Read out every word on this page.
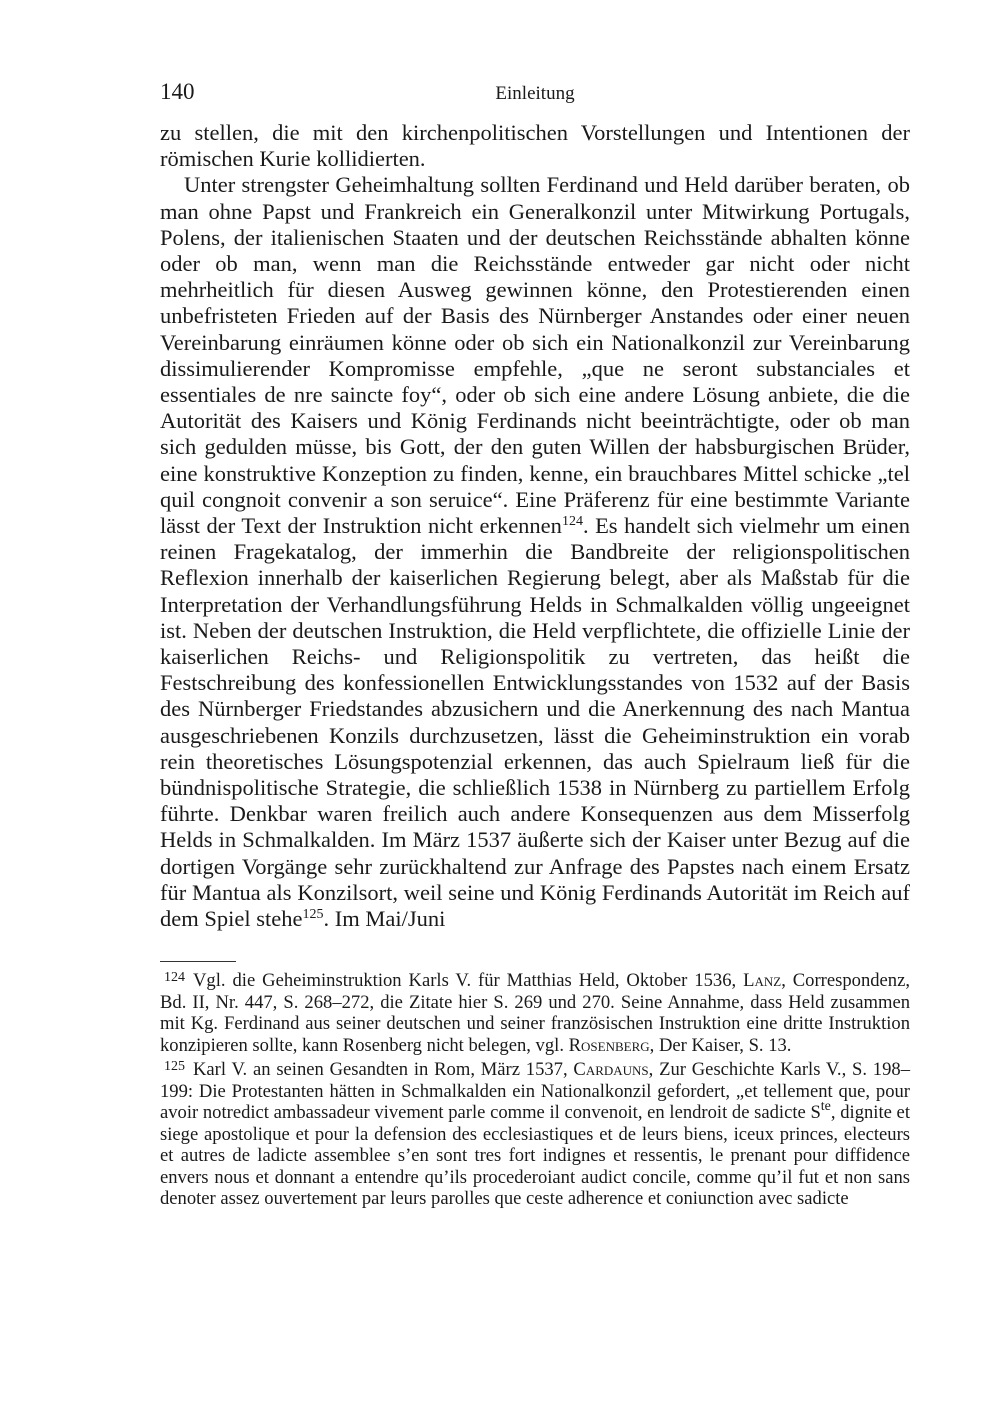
140	Einleitung

zu stellen, die mit den kirchenpolitischen Vorstellungen und Intentionen der römischen Kurie kollidierten.

Unter strengster Geheimhaltung sollten Ferdinand und Held darüber beraten, ob man ohne Papst und Frankreich ein Generalkonzil unter Mitwirkung Portugals, Polens, der italienischen Staaten und der deutschen Reichsstände abhalten könne oder ob man, wenn man die Reichsstände entweder gar nicht oder nicht mehrheitlich für diesen Ausweg gewinnen könne, den Protestierenden einen unbefristeten Frieden auf der Basis des Nürnberger Anstandes oder einer neuen Vereinbarung einräumen könne oder ob sich ein Nationalkonzil zur Vereinbarung dissimulierender Kompromisse empfehle, „que ne seront substanciales et essentiales de nre saincte foy“, oder ob sich eine andere Lösung anbiete, die die Autorität des Kaisers und König Ferdinands nicht beeinträchtigte, oder ob man sich gedulden müsse, bis Gott, der den guten Willen der habsburgischen Brüder, eine konstruktive Konzeption zu finden, kenne, ein brauchbares Mittel schicke „tel quil congnoit convenir a son seruice“. Eine Präferenz für eine bestimmte Variante lässt der Text der Instruktion nicht erkennen$^{124}$. Es handelt sich vielmehr um einen reinen Fragekatalog, der immerhin die Bandbreite der religionspolitischen Reflexion innerhalb der kaiserlichen Regierung belegt, aber als Maßstab für die Interpretation der Verhandlungsführung Helds in Schmalkalden völlig ungeeignet ist. Neben der deutschen Instruktion, die Held verpflichtete, die offizielle Linie der kaiserlichen Reichs- und Religionspolitik zu vertreten, das heißt die Festschreibung des konfessionellen Entwicklungsstandes von 1532 auf der Basis des Nürnberger Friedstandes abzusichern und die Anerkennung des nach Mantua ausgeschriebenen Konzils durchzusetzen, lässt die Geheiminstruktion ein vorab rein theoretisches Lösungspotenzial erkennen, das auch Spielraum ließ für die bündnispolitische Strategie, die schließlich 1538 in Nürnberg zu partiellem Erfolg führte. Denkbar waren freilich auch andere Konsequenzen aus dem Misserfolg Helds in Schmalkalden. Im März 1537 äußerte sich der Kaiser unter Bezug auf die dortigen Vorgänge sehr zurückhaltend zur Anfrage des Papstes nach einem Ersatz für Mantua als Konzilsort, weil seine und König Ferdinands Autorität im Reich auf dem Spiel stehe$^{125}$. Im Mai/Juni

$^{124}$ Vgl. die Geheiminstruktion Karls V. für Matthias Held, Oktober 1536, Lanz, Correspondenz, Bd. II, Nr. 447, S. 268–272, die Zitate hier S. 269 und 270. Seine Annahme, dass Held zusammen mit Kg. Ferdinand aus seiner deutschen und seiner französischen Instruktion eine dritte Instruktion konzipieren sollte, kann Rosenberg nicht belegen, vgl. Rosenberg, Der Kaiser, S. 13.

$^{125}$ Karl V. an seinen Gesandten in Rom, März 1537, Cardauns, Zur Geschichte Karls V., S. 198–199: Die Protestanten hätten in Schmalkalden ein Nationalkonzil gefordert, „et tellement que, pour avoir notredict ambassadeur vivement parle comme il convenoit, en lendroit de sadicte $S^{te}$, dignite et siege apostolique et pour la defension des ecclesiastiques et de leurs biens, iceux princes, electeurs et autres de ladicte assemblee s’en sont tres fort indignes et ressentis, le prenant pour diffidence envers nous et donnant a entendre qu’ils procederoiant audict concile, comme qu’il fut et non sans denoter assez ouvertement par leurs parolles que ceste adherence et coniunction avec sadicte
